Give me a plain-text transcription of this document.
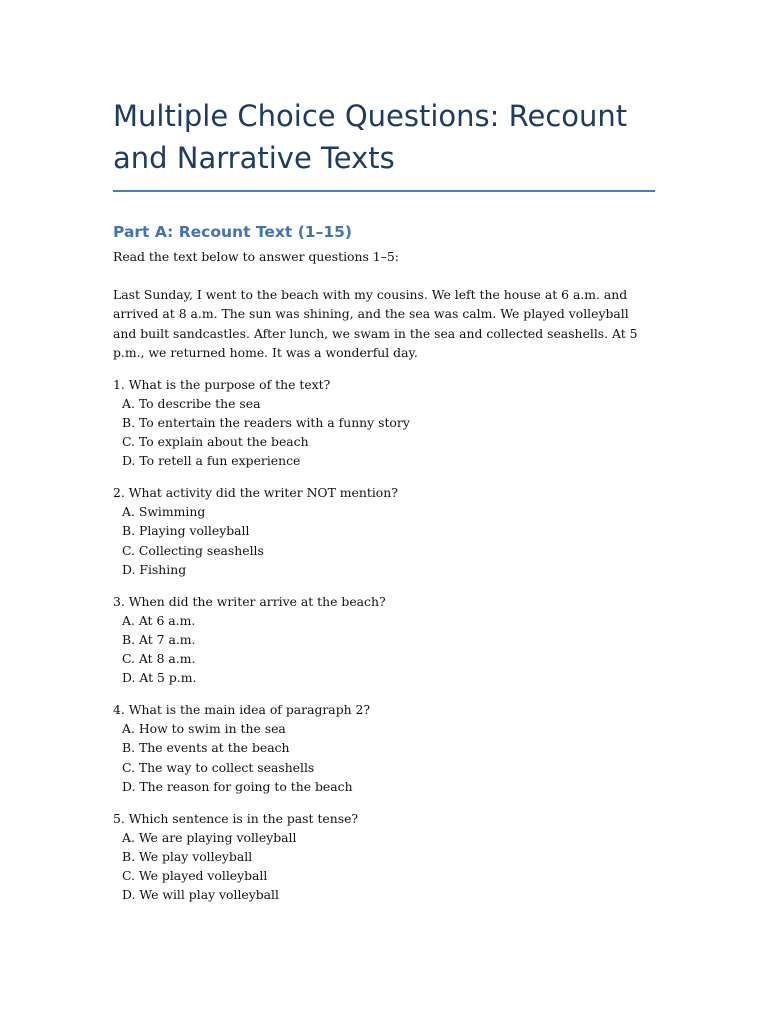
Multiple Choice Questions: Recount
and Narrative Texts
Part A: Recount Text (1–15)
Read the text below to answer questions 1–5:
Last Sunday, I went to the beach with my cousins. We left the house at 6 a.m. and arrived at 8 a.m. The sun was shining, and the sea was calm. We played volleyball and built sandcastles. After lunch, we swam in the sea and collected seashells. At 5 p.m., we returned home. It was a wonderful day.
1. What is the purpose of the text?
A. To describe the sea
B. To entertain the readers with a funny story
C. To explain about the beach
D. To retell a fun experience
2. What activity did the writer NOT mention?
A. Swimming
B. Playing volleyball
C. Collecting seashells
D. Fishing
3. When did the writer arrive at the beach?
A. At 6 a.m.
B. At 7 a.m.
C. At 8 a.m.
D. At 5 p.m.
4. What is the main idea of paragraph 2?
A. How to swim in the sea
B. The events at the beach
C. The way to collect seashells
D. The reason for going to the beach
5. Which sentence is in the past tense?
A. We are playing volleyball
B. We play volleyball
C. We played volleyball
D. We will play volleyball
